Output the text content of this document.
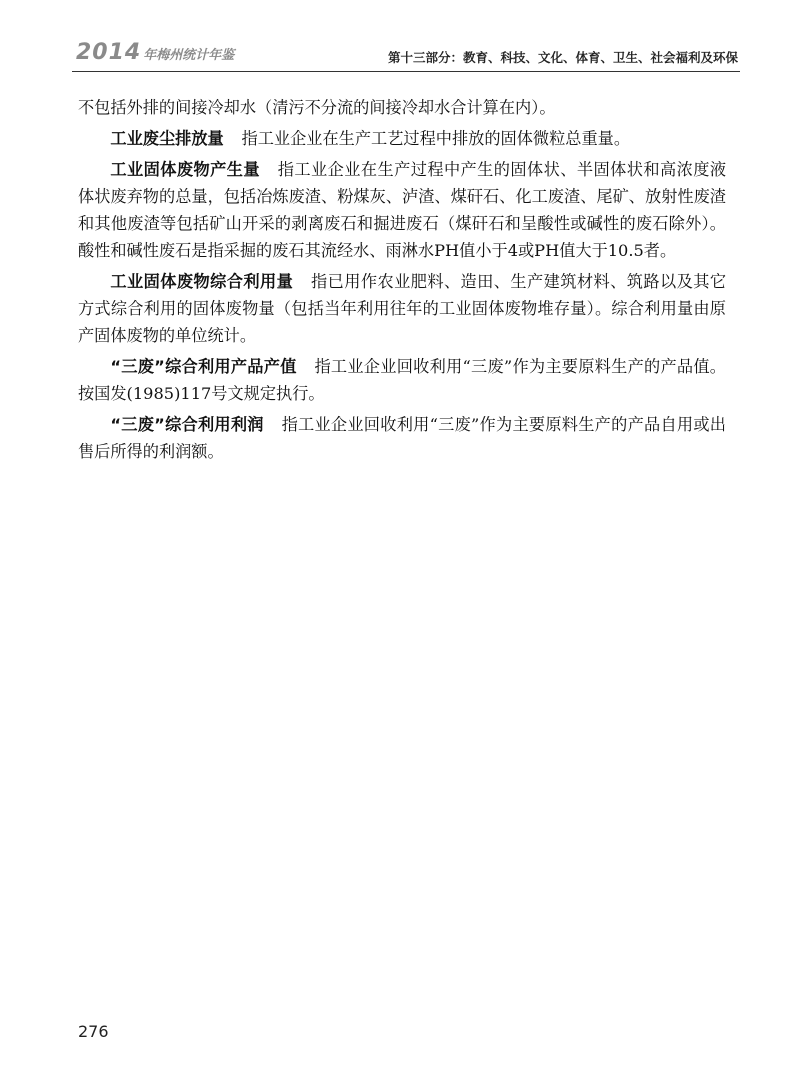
2014 年梅州统计年鉴	第十三部分：教育、科技、文化、体育、卫生、社会福利及环保

不包括外排的间接冷却水（清污不分流的间接冷却水合计算在内）。

工业废尘排放量 指工业企业在生产工艺过程中排放的固体微粒总重量。

工业固体废物产生量 指工业企业在生产过程中产生的固体状、半固体状和高浓度液体状废弃物的总量，包括冶炼废渣、粉煤灰、泸渣、煤矸石、化工废渣、尾矿、放射性废渣和其他废渣等包括矿山开采的剥离废石和掘进废石（煤矸石和呈酸性或碱性的废石除外）。酸性和碱性废石是指采掘的废石其流经水、雨淋水PH值小于4或PH值大于10.5者。

工业固体废物综合利用量 指已用作农业肥料、造田、生产建筑材料、筑路以及其它方式综合利用的固体废物量（包括当年利用往年的工业固体废物堆存量）。综合利用量由原产固体废物的单位统计。

“三废”综合利用产品产值 指工业企业回收利用“三废”作为主要原料生产的产品值。按国发(1985)117号文规定执行。

“三废”综合利用利润 指工业企业回收利用“三废”作为主要原料生产的产品自用或出售后所得的利润额。

276
